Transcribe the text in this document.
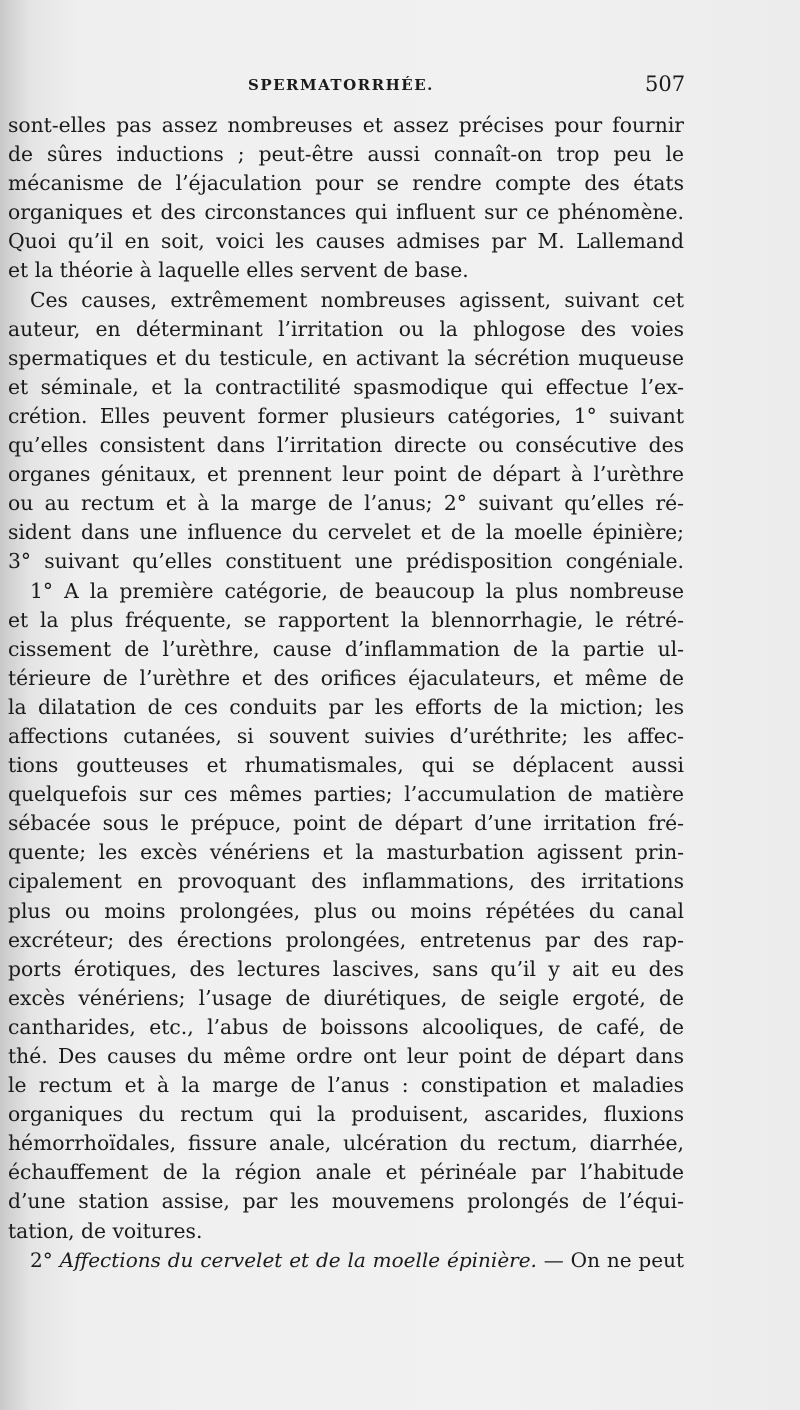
SPERMATORRHÉE.	507
sont-elles pas assez nombreuses et assez précises pour fournir
de sûres inductions ; peut-être aussi connaît-on trop peu le
mécanisme de l’éjaculation pour se rendre compte des états
organiques et des circonstances qui influent sur ce phénomène.
Quoi qu’il en soit, voici les causes admises par M. Lallemand
et la théorie à laquelle elles servent de base.
Ces causes, extrêmement nombreuses agissent, suivant cet
auteur, en déterminant l’irritation ou la phlogose des voies
spermatiques et du testicule, en activant la sécrétion muqueuse
et séminale, et la contractilité spasmodique qui effectue l’ex-
crétion. Elles peuvent former plusieurs catégories, 1° suivant
qu’elles consistent dans l’irritation directe ou consécutive des
organes génitaux, et prennent leur point de départ à l’urèthre
ou au rectum et à la marge de l’anus; 2° suivant qu’elles ré-
sident dans une influence du cervelet et de la moelle épinière;
3° suivant qu’elles constituent une prédisposition congéniale.
1° A la première catégorie, de beaucoup la plus nombreuse
et la plus fréquente, se rapportent la blennorrhagie, le rétré-
cissement de l’urèthre, cause d’inflammation de la partie ul-
térieure de l’urèthre et des orifices éjaculateurs, et même de
la dilatation de ces conduits par les efforts de la miction; les
affections cutanées, si souvent suivies d’uréthrite; les affec-
tions goutteuses et rhumatismales, qui se déplacent aussi
quelquefois sur ces mêmes parties; l’accumulation de matière
sébacée sous le prépuce, point de départ d’une irritation fré-
quente; les excès vénériens et la masturbation agissent prin-
cipalement en provoquant des inflammations, des irritations
plus ou moins prolongées, plus ou moins répétées du canal
excréteur; des érections prolongées, entretenus par des rap-
ports érotiques, des lectures lascives, sans qu’il y ait eu des
excès vénériens; l’usage de diurétiques, de seigle ergoté, de
cantharides, etc., l’abus de boissons alcooliques, de café, de
thé. Des causes du même ordre ont leur point de départ dans
le rectum et à la marge de l’anus : constipation et maladies
organiques du rectum qui la produisent, ascarides, fluxions
hémorrhoïdales, fissure anale, ulcération du rectum, diarrhée,
échauffement de la région anale et périnéale par l’habitude
d’une station assise, par les mouvemens prolongés de l’équi-
tation, de voitures.
2° Affections du cervelet et de la moelle épinière. — On ne peut
